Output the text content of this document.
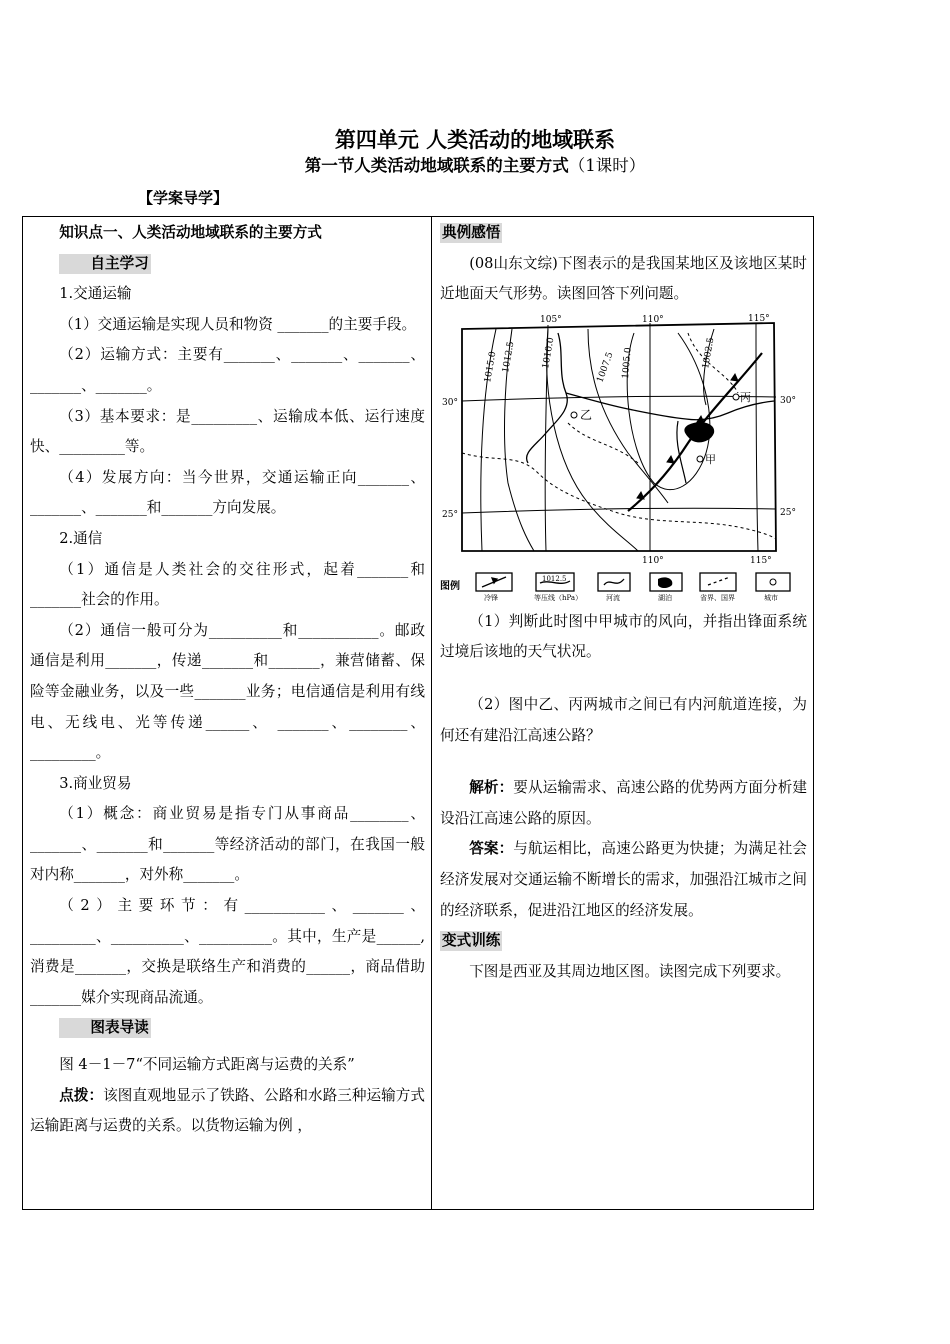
第四单元 人类活动的地域联系
第一节人类活动地域联系的主要方式（1课时）
【学案导学】

知识点一、人类活动地域联系的主要方式

自主学习

1.交通运输

（1）交通运输是实现人员和物资 _______的主要手段。

（2）运输方式：主要有_______、_______、_______、_______、_______。

（3）基本要求：是_________、运输成本低、运行速度快、_________等。

（4）发展方向：当今世界，交通运输正向_______、_______、_______和_______方向发展。

2.通信

（1）通信是人类社会的交往形式，起着_______和_______社会的作用。

（2）通信一般可分为__________和___________。邮政通信是利用_______，传递_______和_______，兼营储蓄、保险等金融业务，以及一些_______业务；电信通信是利用有线电、无线电、光等传递______、 _______、________、_________。

3.商业贸易

（1）概念：商业贸易是指专门从事商品________、_______、_______和_______等经济活动的部门，在我国一般对内称_______，对外称_______。

（2）主要环节：有___________、_______、_________、__________、__________。其中，生产是______,消费是_______，交换是联络生产和消费的______，商品借助_______媒介实现商品流通。

图表导读

图 4－1－7“不同运输方式距离与运费的关系”

点拨：该图直观地显示了铁路、公路和水路三种运输方式运输距离与运费的关系。以货物运输为例 ，

典例感悟

(08山东文综)下图表示的是我国某地区及该地区某时近地面天气形势。读图回答下列问题。

105°	110°	115°
110°	115°
30°	30°
25°	25°
1015.0 1012.5	1010.0	1007.5 1005.0	1002.5
乙
丙
甲
图例
1012.5
冷锋	等压线（hPa）	河流	湖泊	省界、国界	城市

（1）判断此时图中甲城市的风向，并指出锋面系统过境后该地的天气状况。

（2）图中乙、丙两城市之间已有内河航道连接，为何还有建沿江高速公路？

解析：要从运输需求、高速公路的优势两方面分析建设沿江高速公路的原因。

答案：与航运相比，高速公路更为快捷；为满足社会经济发展对交通运输不断增长的需求，加强沿江城市之间的经济联系，促进沿江地区的经济发展。

变式训练

下图是西亚及其周边地区图。读图完成下列要求。
